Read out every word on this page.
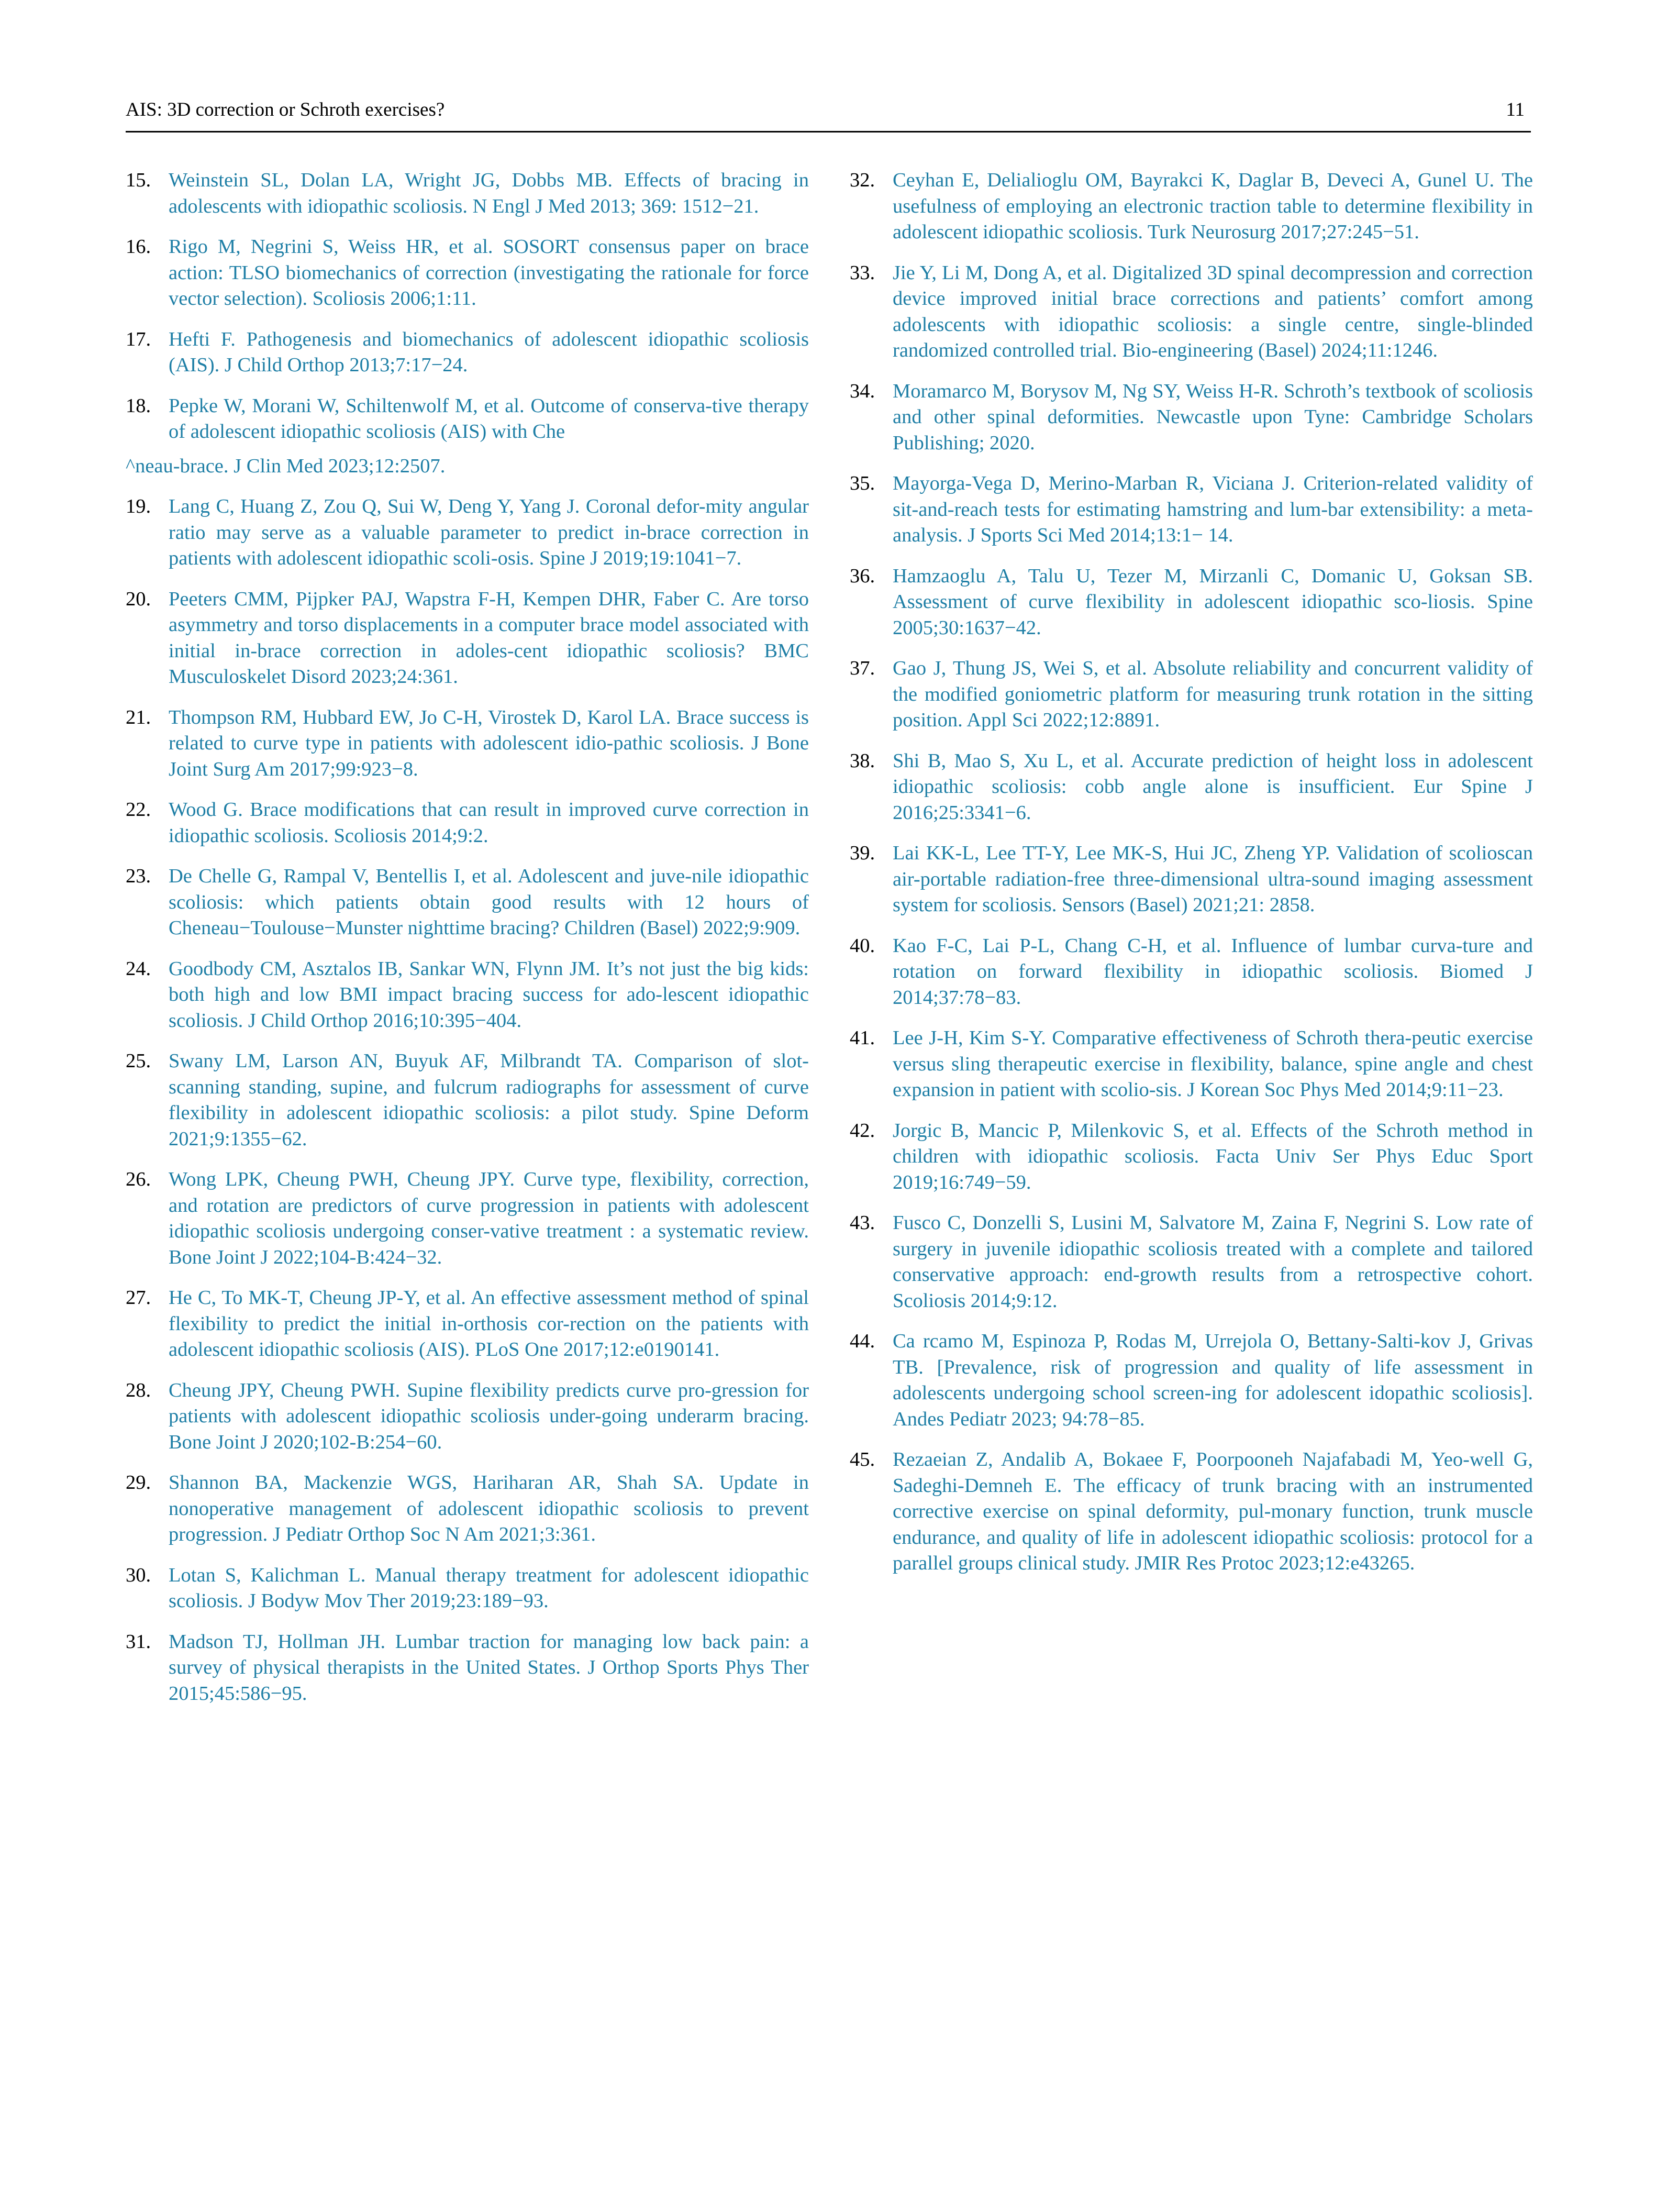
AIS: 3D correction or Schroth exercises?	11
15. Weinstein SL, Dolan LA, Wright JG, Dobbs MB. Effects of bracing in adolescents with idiopathic scoliosis. N Engl J Med 2013; 369: 1512−21.
16. Rigo M, Negrini S, Weiss HR, et al. SOSORT consensus paper on brace action: TLSO biomechanics of correction (investigating the rationale for force vector selection). Scoliosis 2006;1:11.
17. Hefti F. Pathogenesis and biomechanics of adolescent idiopathic scoliosis (AIS). J Child Orthop 2013;7:17−24.
18. Pepke W, Morani W, Schiltenwolf M, et al. Outcome of conserva-tive therapy of adolescent idiopathic scoliosis (AIS) with Che
^neau-brace. J Clin Med 2023;12:2507.
19. Lang C, Huang Z, Zou Q, Sui W, Deng Y, Yang J. Coronal defor-mity angular ratio may serve as a valuable parameter to predict in-brace correction in patients with adolescent idiopathic scoli-osis. Spine J 2019;19:1041−7.
20. Peeters CMM, Pijpker PAJ, Wapstra F-H, Kempen DHR, Faber C. Are torso asymmetry and torso displacements in a computer brace model associated with initial in-brace correction in adoles-cent idiopathic scoliosis? BMC Musculoskelet Disord 2023;24:361.
21. Thompson RM, Hubbard EW, Jo C-H, Virostek D, Karol LA. Brace success is related to curve type in patients with adolescent idio-pathic scoliosis. J Bone Joint Surg Am 2017;99:923−8.
22. Wood G. Brace modifications that can result in improved curve correction in idiopathic scoliosis. Scoliosis 2014;9:2.
23. De Chelle G, Rampal V, Bentellis I, et al. Adolescent and juve-nile idiopathic scoliosis: which patients obtain good results with 12 hours of Cheneau−Toulouse−Munster nighttime bracing? Children (Basel) 2022;9:909.
24. Goodbody CM, Asztalos IB, Sankar WN, Flynn JM. It’s not just the big kids: both high and low BMI impact bracing success for ado-lescent idiopathic scoliosis. J Child Orthop 2016;10:395−404.
25. Swany LM, Larson AN, Buyuk AF, Milbrandt TA. Comparison of slot-scanning standing, supine, and fulcrum radiographs for assessment of curve flexibility in adolescent idiopathic scoliosis: a pilot study. Spine Deform 2021;9:1355−62.
26. Wong LPK, Cheung PWH, Cheung JPY. Curve type, flexibility, correction, and rotation are predictors of curve progression in patients with adolescent idiopathic scoliosis undergoing conser-vative treatment : a systematic review. Bone Joint J 2022;104-B:424−32.
27. He C, To MK-T, Cheung JP-Y, et al. An effective assessment method of spinal flexibility to predict the initial in-orthosis cor-rection on the patients with adolescent idiopathic scoliosis (AIS). PLoS One 2017;12:e0190141.
28. Cheung JPY, Cheung PWH. Supine flexibility predicts curve pro-gression for patients with adolescent idiopathic scoliosis under-going underarm bracing. Bone Joint J 2020;102-B:254−60.
29. Shannon BA, Mackenzie WGS, Hariharan AR, Shah SA. Update in nonoperative management of adolescent idiopathic scoliosis to prevent progression. J Pediatr Orthop Soc N Am 2021;3:361.
30. Lotan S, Kalichman L. Manual therapy treatment for adolescent idiopathic scoliosis. J Bodyw Mov Ther 2019;23:189−93.
31. Madson TJ, Hollman JH. Lumbar traction for managing low back pain: a survey of physical therapists in the United States. J Orthop Sports Phys Ther 2015;45:586−95.
32. Ceyhan E, Delialioglu OM, Bayrakci K, Daglar B, Deveci A, Gunel U. The usefulness of employing an electronic traction table to determine flexibility in adolescent idiopathic scoliosis. Turk Neurosurg 2017;27:245−51.
33. Jie Y, Li M, Dong A, et al. Digitalized 3D spinal decompression and correction device improved initial brace corrections and patients’ comfort among adolescents with idiopathic scoliosis: a single centre, single-blinded randomized controlled trial. Bio-engineering (Basel) 2024;11:1246.
34. Moramarco M, Borysov M, Ng SY, Weiss H-R. Schroth’s textbook of scoliosis and other spinal deformities. Newcastle upon Tyne: Cambridge Scholars Publishing; 2020.
35. Mayorga-Vega D, Merino-Marban R, Viciana J. Criterion-related validity of sit-and-reach tests for estimating hamstring and lum-bar extensibility: a meta-analysis. J Sports Sci Med 2014;13:1− 14.
36. Hamzaoglu A, Talu U, Tezer M, Mirzanli C, Domanic U, Goksan SB. Assessment of curve flexibility in adolescent idiopathic sco-liosis. Spine 2005;30:1637−42.
37. Gao J, Thung JS, Wei S, et al. Absolute reliability and concurrent validity of the modified goniometric platform for measuring trunk rotation in the sitting position. Appl Sci 2022;12:8891.
38. Shi B, Mao S, Xu L, et al. Accurate prediction of height loss in adolescent idiopathic scoliosis: cobb angle alone is insufficient. Eur Spine J 2016;25:3341−6.
39. Lai KK-L, Lee TT-Y, Lee MK-S, Hui JC, Zheng YP. Validation of scolioscan air-portable radiation-free three-dimensional ultra-sound imaging assessment system for scoliosis. Sensors (Basel) 2021;21: 2858.
40. Kao F-C, Lai P-L, Chang C-H, et al. Influence of lumbar curva-ture and rotation on forward flexibility in idiopathic scoliosis. Biomed J 2014;37:78−83.
41. Lee J-H, Kim S-Y. Comparative effectiveness of Schroth thera-peutic exercise versus sling therapeutic exercise in flexibility, balance, spine angle and chest expansion in patient with scolio-sis. J Korean Soc Phys Med 2014;9:11−23.
42. Jorgic B, Mancic P, Milenkovic S, et al. Effects of the Schroth method in children with idiopathic scoliosis. Facta Univ Ser Phys Educ Sport 2019;16:749−59.
43. Fusco C, Donzelli S, Lusini M, Salvatore M, Zaina F, Negrini S. Low rate of surgery in juvenile idiopathic scoliosis treated with a complete and tailored conservative approach: end-growth results from a retrospective cohort. Scoliosis 2014;9:12.
44. Ca rcamo M, Espinoza P, Rodas M, Urrejola O, Bettany-Salti-kov J, Grivas TB. [Prevalence, risk of progression and quality of life assessment in adolescents undergoing school screen-ing for adolescent idopathic scoliosis]. Andes Pediatr 2023; 94:78−85.
45. Rezaeian Z, Andalib A, Bokaee F, Poorpooneh Najafabadi M, Yeo-well G, Sadeghi-Demneh E. The efficacy of trunk bracing with an instrumented corrective exercise on spinal deformity, pul-monary function, trunk muscle endurance, and quality of life in adolescent idiopathic scoliosis: protocol for a parallel groups clinical study. JMIR Res Protoc 2023;12:e43265.
